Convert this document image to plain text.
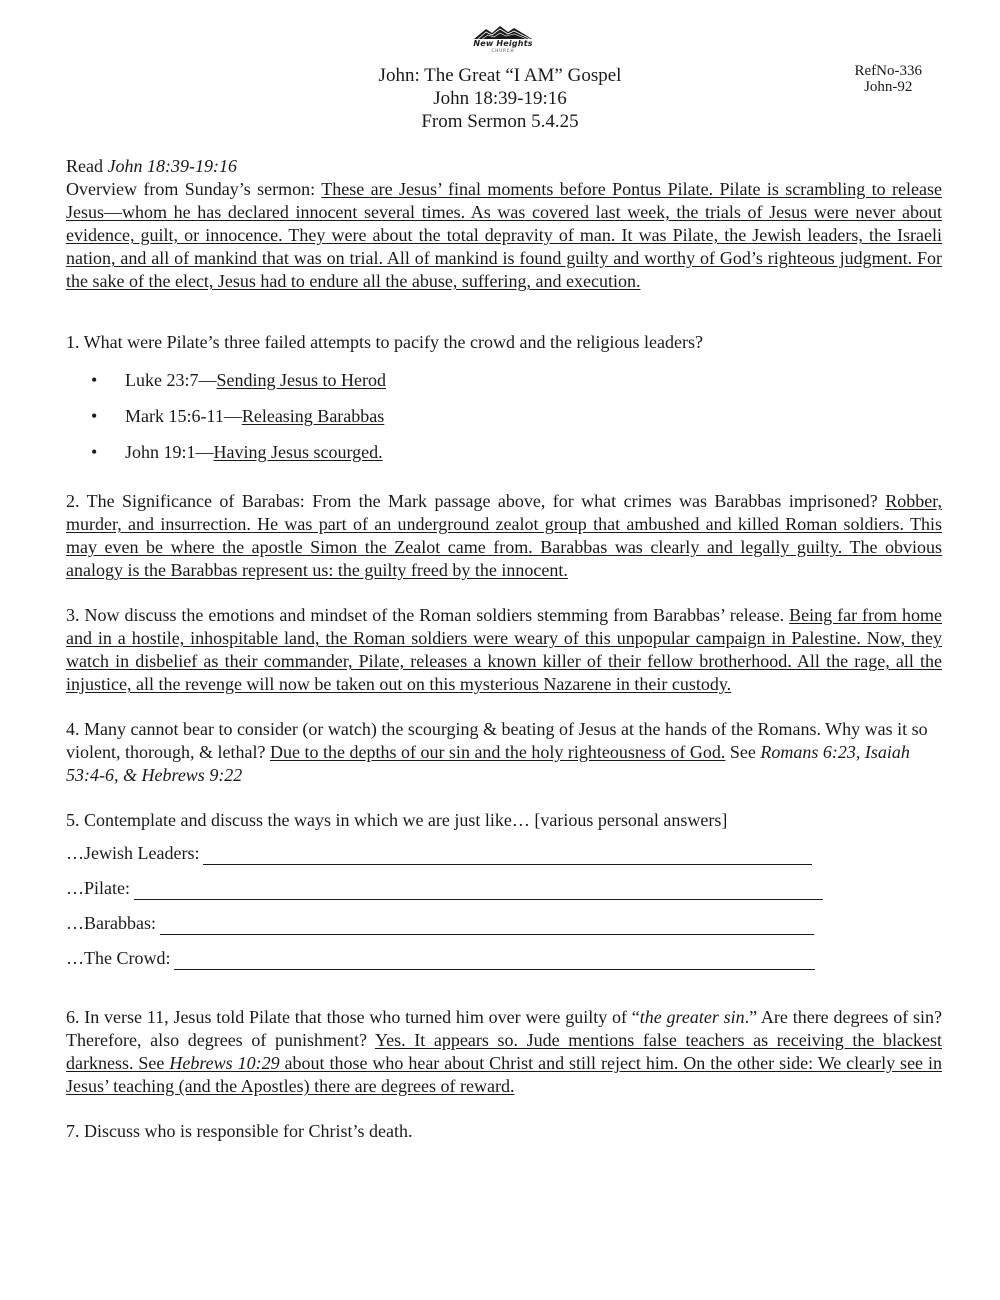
New Heights
CHURCH
John: The Great “I AM” Gospel
John 18:39-19:16
From Sermon 5.4.25
RefNo-336
John-92

Read John 18:39-19:16

Overview from Sunday’s sermon: These are Jesus’ final moments before Pontus Pilate. Pilate is scrambling to release Jesus—whom he has declared innocent several times. As was covered last week, the trials of Jesus were never about evidence, guilt, or innocence. They were about the total depravity of man. It was Pilate, the Jewish leaders, the Israeli nation, and all of mankind that was on trial. All of mankind is found guilty and worthy of God’s righteous judgment. For the sake of the elect, Jesus had to endure all the abuse, suffering, and execution.

1. What were Pilate’s three failed attempts to pacify the crowd and the religious leaders?

• Luke 23:7—Sending Jesus to Herod
• Mark 15:6-11—Releasing Barabbas
• John 19:1—Having Jesus scourged.

2. The Significance of Barabas: From the Mark passage above, for what crimes was Barabbas imprisoned? Robber, murder, and insurrection. He was part of an underground zealot group that ambushed and killed Roman soldiers. This may even be where the apostle Simon the Zealot came from. Barabbas was clearly and legally guilty. The obvious analogy is the Barabbas represent us: the guilty freed by the innocent.

3. Now discuss the emotions and mindset of the Roman soldiers stemming from Barabbas’ release. Being far from home and in a hostile, inhospitable land, the Roman soldiers were weary of this unpopular campaign in Palestine. Now, they watch in disbelief as their commander, Pilate, releases a known killer of their fellow brotherhood. All the rage, all the injustice, all the revenge will now be taken out on this mysterious Nazarene in their custody.

4. Many cannot bear to consider (or watch) the scourging & beating of Jesus at the hands of the Romans. Why was it so violent, thorough, & lethal? Due to the depths of our sin and the holy righteousness of God. See Romans 6:23, Isaiah 53:4-6, & Hebrews 9:22

5. Contemplate and discuss the ways in which we are just like… [various personal answers]

…Jewish Leaders:
…Pilate:
…Barabbas:
…The Crowd:

6. In verse 11, Jesus told Pilate that those who turned him over were guilty of “the greater sin.” Are there degrees of sin? Therefore, also degrees of punishment? Yes. It appears so. Jude mentions false teachers as receiving the blackest darkness. See Hebrews 10:29 about those who hear about Christ and still reject him. On the other side: We clearly see in Jesus’ teaching (and the Apostles) there are degrees of reward.

7. Discuss who is responsible for Christ’s death.
